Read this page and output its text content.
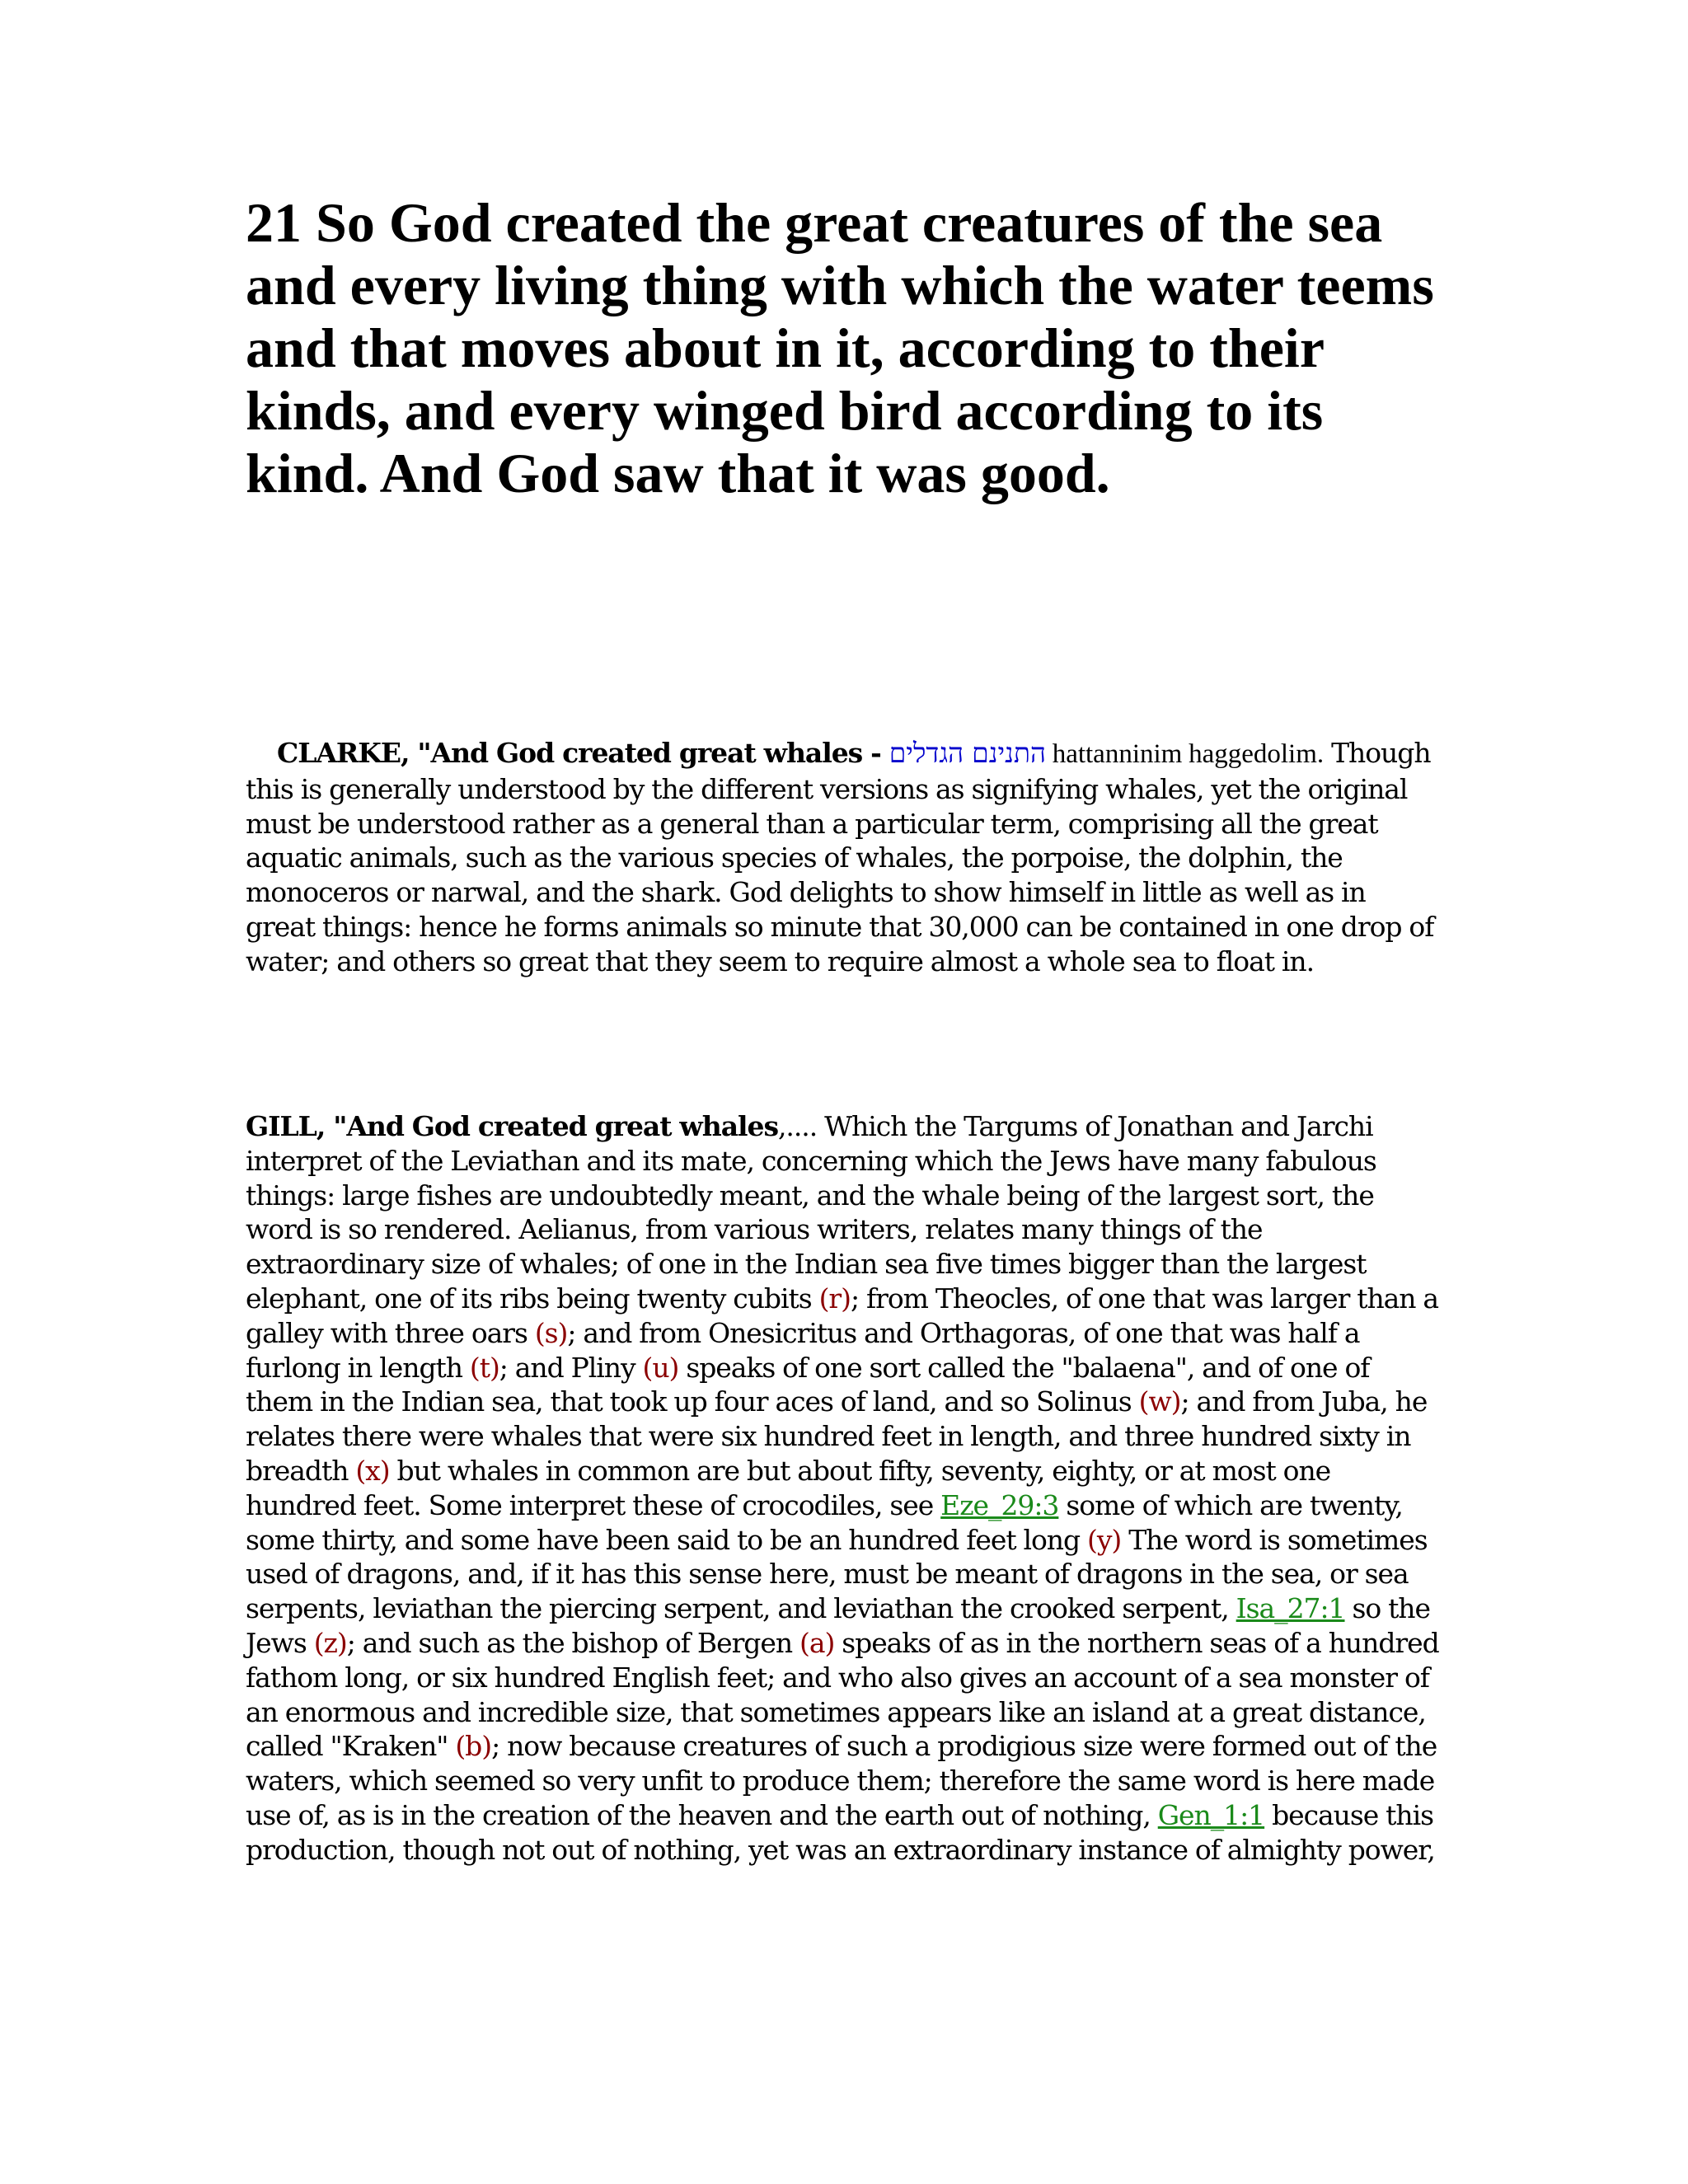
21 So God created the great creatures of the sea and every living thing with which the water teems and that moves about in it, according to their kinds, and every winged bird according to its kind. And God saw that it was good.

CLARKE, "And God created great whales - התנינם הגדלים hattanninim haggedolim. Though this is generally understood by the different versions as signifying whales, yet the original must be understood rather as a general than a particular term, comprising all the great aquatic animals, such as the various species of whales, the porpoise, the dolphin, the monoceros or narwal, and the shark. God delights to show himself in little as well as in great things: hence he forms animals so minute that 30,000 can be contained in one drop of water; and others so great that they seem to require almost a whole sea to float in.

GILL, "And God created great whales,.... Which the Targums of Jonathan and Jarchi interpret of the Leviathan and its mate, concerning which the Jews have many fabulous things: large fishes are undoubtedly meant, and the whale being of the largest sort, the word is so rendered. Aelianus, from various writers, relates many things of the extraordinary size of whales; of one in the Indian sea five times bigger than the largest elephant, one of its ribs being twenty cubits (r); from Theocles, of one that was larger than a galley with three oars (s); and from Onesicritus and Orthagoras, of one that was half a furlong in length (t); and Pliny (u) speaks of one sort called the "balaena", and of one of them in the Indian sea, that took up four aces of land, and so Solinus (w); and from Juba, he relates there were whales that were six hundred feet in length, and three hundred sixty in breadth (x) but whales in common are but about fifty, seventy, eighty, or at most one hundred feet. Some interpret these of crocodiles, see Eze_29:3 some of which are twenty, some thirty, and some have been said to be an hundred feet long (y) The word is sometimes used of dragons, and, if it has this sense here, must be meant of dragons in the sea, or sea serpents, leviathan the piercing serpent, and leviathan the crooked serpent, Isa_27:1 so the Jews (z); and such as the bishop of Bergen (a) speaks of as in the northern seas of a hundred fathom long, or six hundred English feet; and who also gives an account of a sea monster of an enormous and incredible size, that sometimes appears like an island at a great distance, called "Kraken" (b); now because creatures of such a prodigious size were formed out of the waters, which seemed so very unfit to produce them; therefore the same word is here made use of, as is in the creation of the heaven and the earth out of nothing, Gen_1:1 because this production, though not out of nothing, yet was an extraordinary instance of almighty power,
